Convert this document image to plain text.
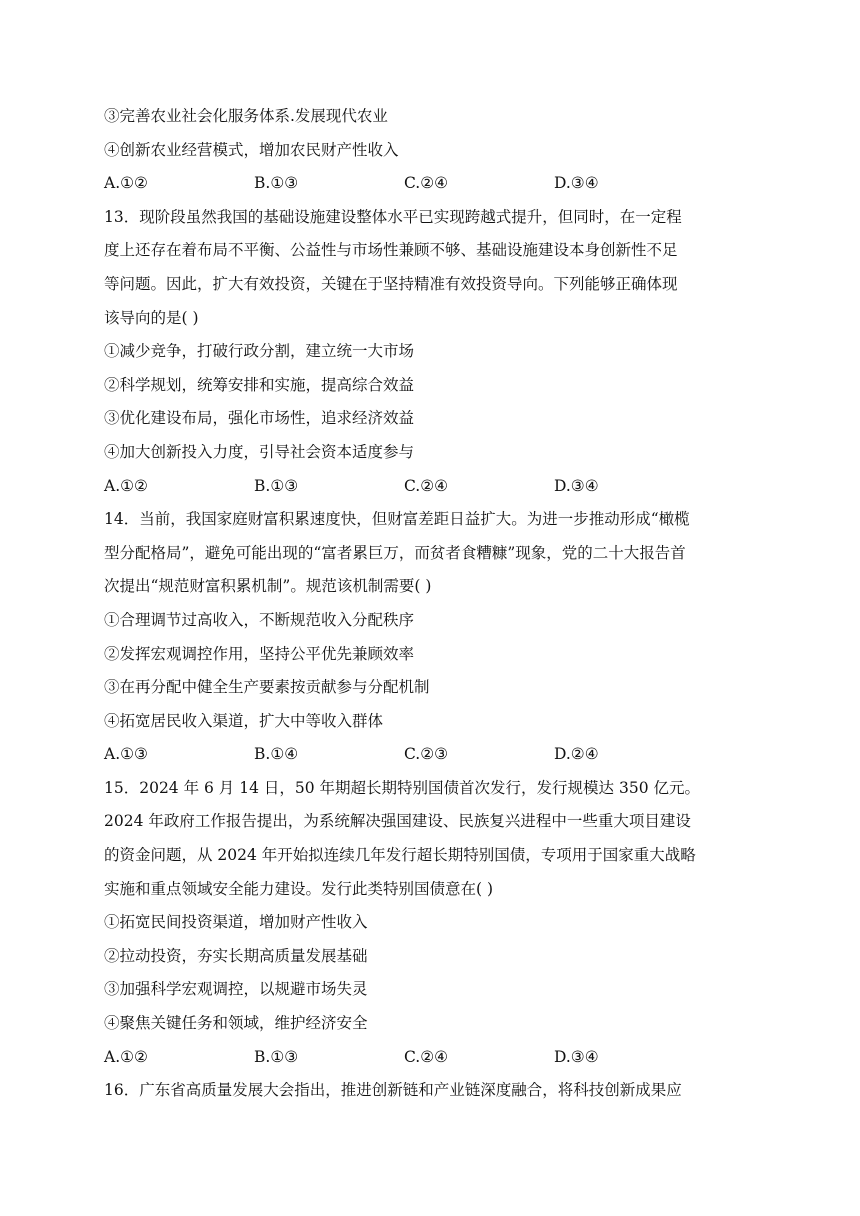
③完善农业社会化服务体系.发展现代农业
④创新农业经营模式，增加农民财产性收入
A.①②	B.①③	C.②④	D.③④
13．现阶段虽然我国的基础设施建设整体水平已实现跨越式提升，但同时，在一定程
度上还存在着布局不平衡、公益性与市场性兼顾不够、基础设施建设本身创新性不足
等问题。因此，扩大有效投资，关键在于坚持精准有效投资导向。下列能够正确体现
该导向的是( )
①减少竞争，打破行政分割，建立统一大市场
②科学规划，统筹安排和实施，提高综合效益
③优化建设布局，强化市场性，追求经济效益
④加大创新投入力度，引导社会资本适度参与
A.①②	B.①③	C.②④	D.③④
14．当前，我国家庭财富积累速度快，但财富差距日益扩大。为进一步推动形成“橄榄
型分配格局”，避免可能出现的“富者累巨万，而贫者食糟糠”现象，党的二十大报告首
次提出“规范财富积累机制”。规范该机制需要( )
①合理调节过高收入，不断规范收入分配秩序
②发挥宏观调控作用，坚持公平优先兼顾效率
③在再分配中健全生产要素按贡献参与分配机制
④拓宽居民收入渠道，扩大中等收入群体
A.①③	B.①④	C.②③	D.②④
15．2024 年 6 月 14 日，50 年期超长期特别国债首次发行，发行规模达 350 亿元。
2024 年政府工作报告提出，为系统解决强国建设、民族复兴进程中一些重大项目建设
的资金问题，从 2024 年开始拟连续几年发行超长期特别国债，专项用于国家重大战略
实施和重点领域安全能力建设。发行此类特别国债意在( )
①拓宽民间投资渠道，增加财产性收入
②拉动投资，夯实长期高质量发展基础
③加强科学宏观调控，以规避市场失灵
④聚焦关键任务和领域，维护经济安全
A.①②	B.①③	C.②④	D.③④
16．广东省高质量发展大会指出，推进创新链和产业链深度融合，将科技创新成果应
